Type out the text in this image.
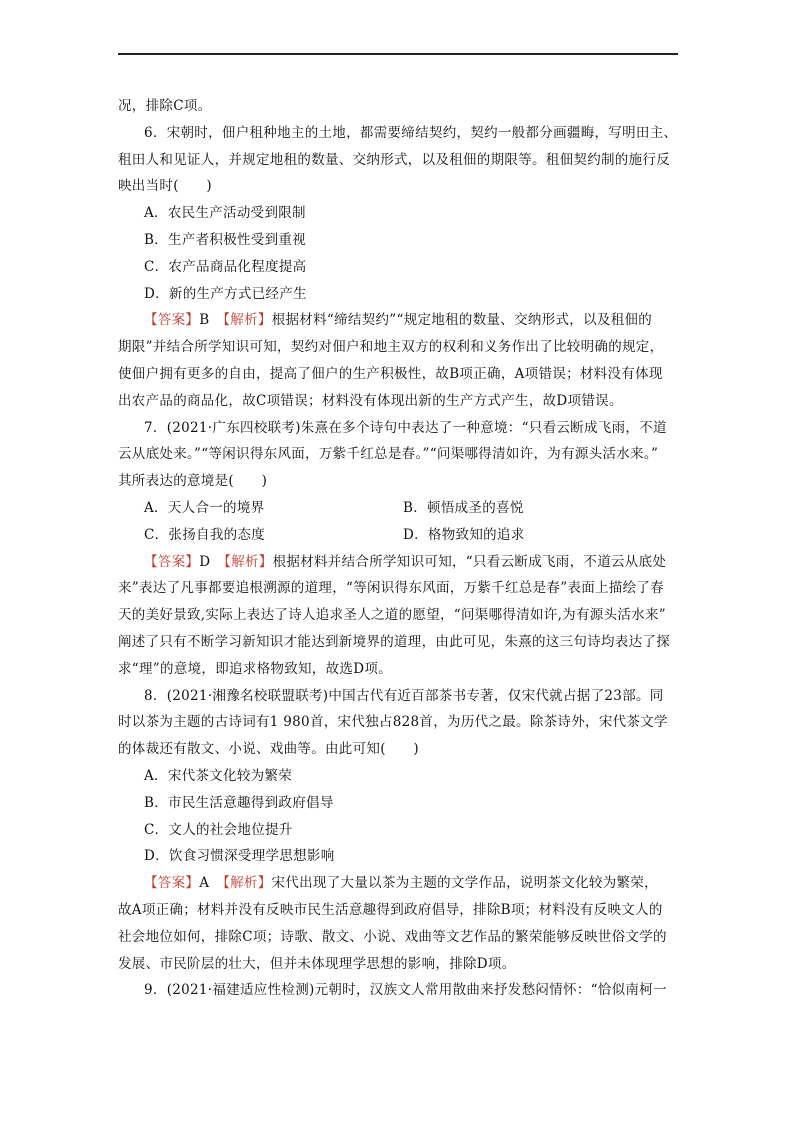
况，排除C项。

6．宋朝时，佃户租种地主的土地，都需要缔结契约，契约一般都分画疆畮，写明田主、

租田人和见证人，并规定地租的数量、交纳形式，以及租佃的期限等。租佃契约制的施行反

映出当时(　　)

A．农民生产活动受到限制

B．生产者积极性受到重视

C．农产品商品化程度提高

D．新的生产方式已经产生

【答案】B　 【解析】根据材料“缔结契约”“规定地租的数量、交纳形式，以及租佃的

期限”并结合所学知识可知，契约对佃户和地主双方的权利和义务作出了比较明确的规定，

使佃户拥有更多的自由，提高了佃户的生产积极性，故B项正确，A项错误；材料没有体现

出农产品的商品化，故C项错误；材料没有体现出新的生产方式产生，故D项错误。

7．(2021·广东四校联考)朱熹在多个诗句中表达了一种意境：“只看云断成飞雨，不道

云从底处来。”“等闲识得东风面，万紫千红总是春。”“问渠哪得清如许，为有源头活水来。”

其所表达的意境是(　　)

A．天人合一的境界	B．顿悟成圣的喜悦

C．张扬自我的态度	D．格物致知的追求

【答案】D　 【解析】根据材料并结合所学知识可知，“只看云断成飞雨，不道云从底处

来”表达了凡事都要追根溯源的道理，“等闲识得东风面，万紫千红总是春”表面上描绘了春

天的美好景致,实际上表达了诗人追求圣人之道的愿望，“问渠哪得清如许,为有源头活水来”

阐述了只有不断学习新知识才能达到新境界的道理，由此可见，朱熹的这三句诗均表达了探

求“理”的意境，即追求格物致知，故选D项。

8．(2021·湘豫名校联盟联考)中国古代有近百部茶书专著，仅宋代就占据了23部。同

时以茶为主题的古诗词有1 980首，宋代独占828首，为历代之最。除茶诗外，宋代茶文学

的体裁还有散文、小说、戏曲等。由此可知(　　)

A．宋代茶文化较为繁荣

B．市民生活意趣得到政府倡导

C．文人的社会地位提升

D．饮食习惯深受理学思想影响

【答案】A　 【解析】宋代出现了大量以茶为主题的文学作品，说明茶文化较为繁荣，

故A项正确；材料并没有反映市民生活意趣得到政府倡导，排除B项；材料没有反映文人的

社会地位如何，排除C项；诗歌、散文、小说、戏曲等文艺作品的繁荣能够反映世俗文学的

发展、市民阶层的壮大，但并未体现理学思想的影响，排除D项。

9．(2021·福建适应性检测)元朝时，汉族文人常用散曲来抒发愁闷情怀：“恰似南柯一
